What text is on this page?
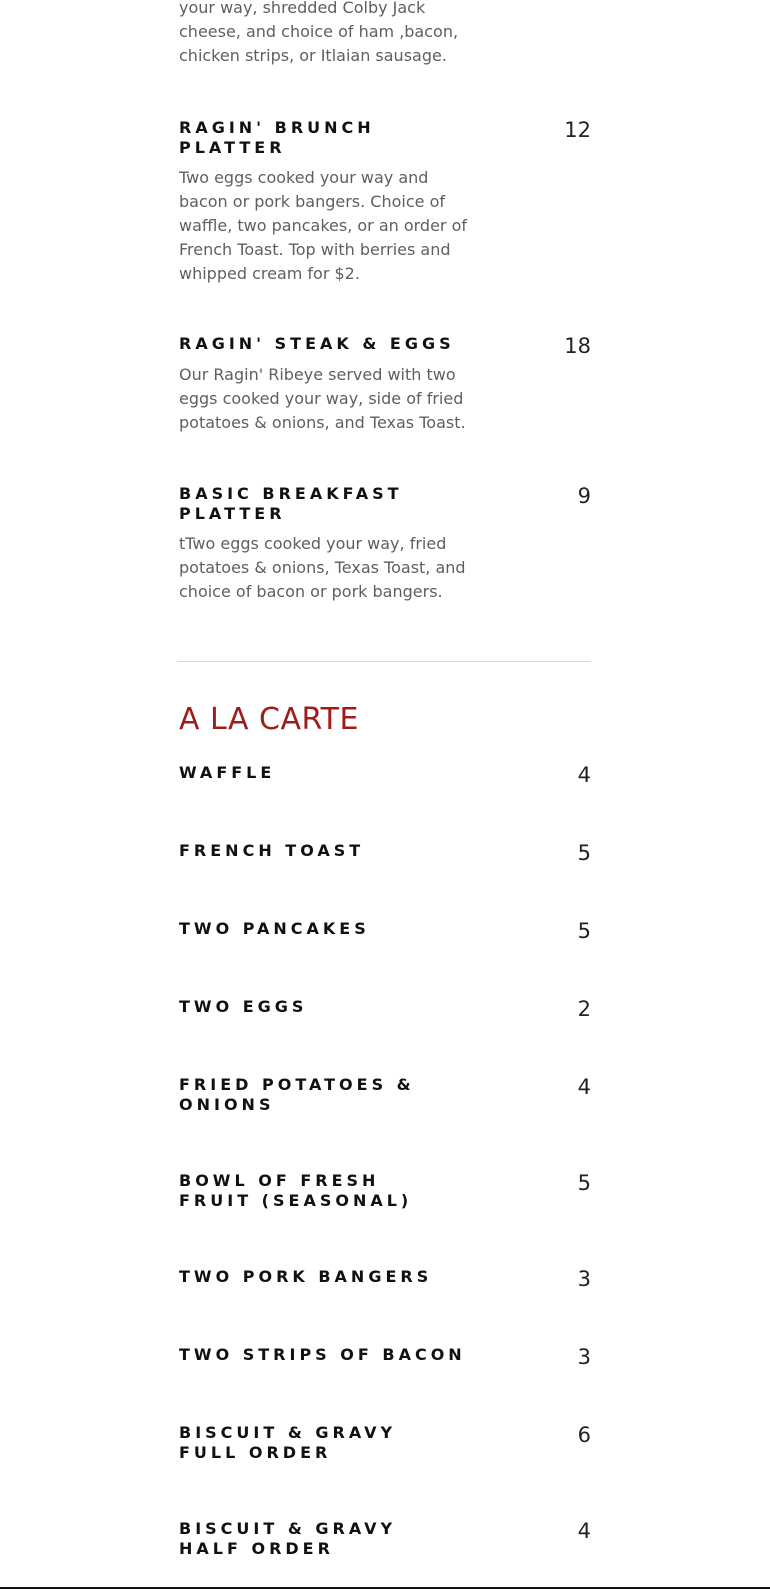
your way, shredded Colby Jack cheese, and choice of ham ,bacon, chicken strips, or Itlaian sausage.

RAGIN' BRUNCH PLATTER
12

Two eggs cooked your way and bacon or pork bangers. Choice of waffle, two pancakes, or an order of French Toast. Top with berries and whipped cream for $2.

RAGIN' STEAK & EGGS	18

Our Ragin' Ribeye served with two eggs cooked your way, side of fried potatoes & onions, and Texas Toast.

BASIC BREAKFAST PLATTER
9

tTwo eggs cooked your way, fried potatoes & onions, Texas Toast, and choice of bacon or pork bangers.

A LA CARTE
WAFFLE	4
FRENCH TOAST	5
TWO PANCAKES	5
TWO EGGS	2
FRIED POTATOES & ONIONS
4
BOWL OF FRESH FRUIT (SEASONAL)
5
TWO PORK BANGERS	3
TWO STRIPS OF BACON	3
BISCUIT & GRAVY FULL ORDER
6
BISCUIT & GRAVY HALF ORDER
4
